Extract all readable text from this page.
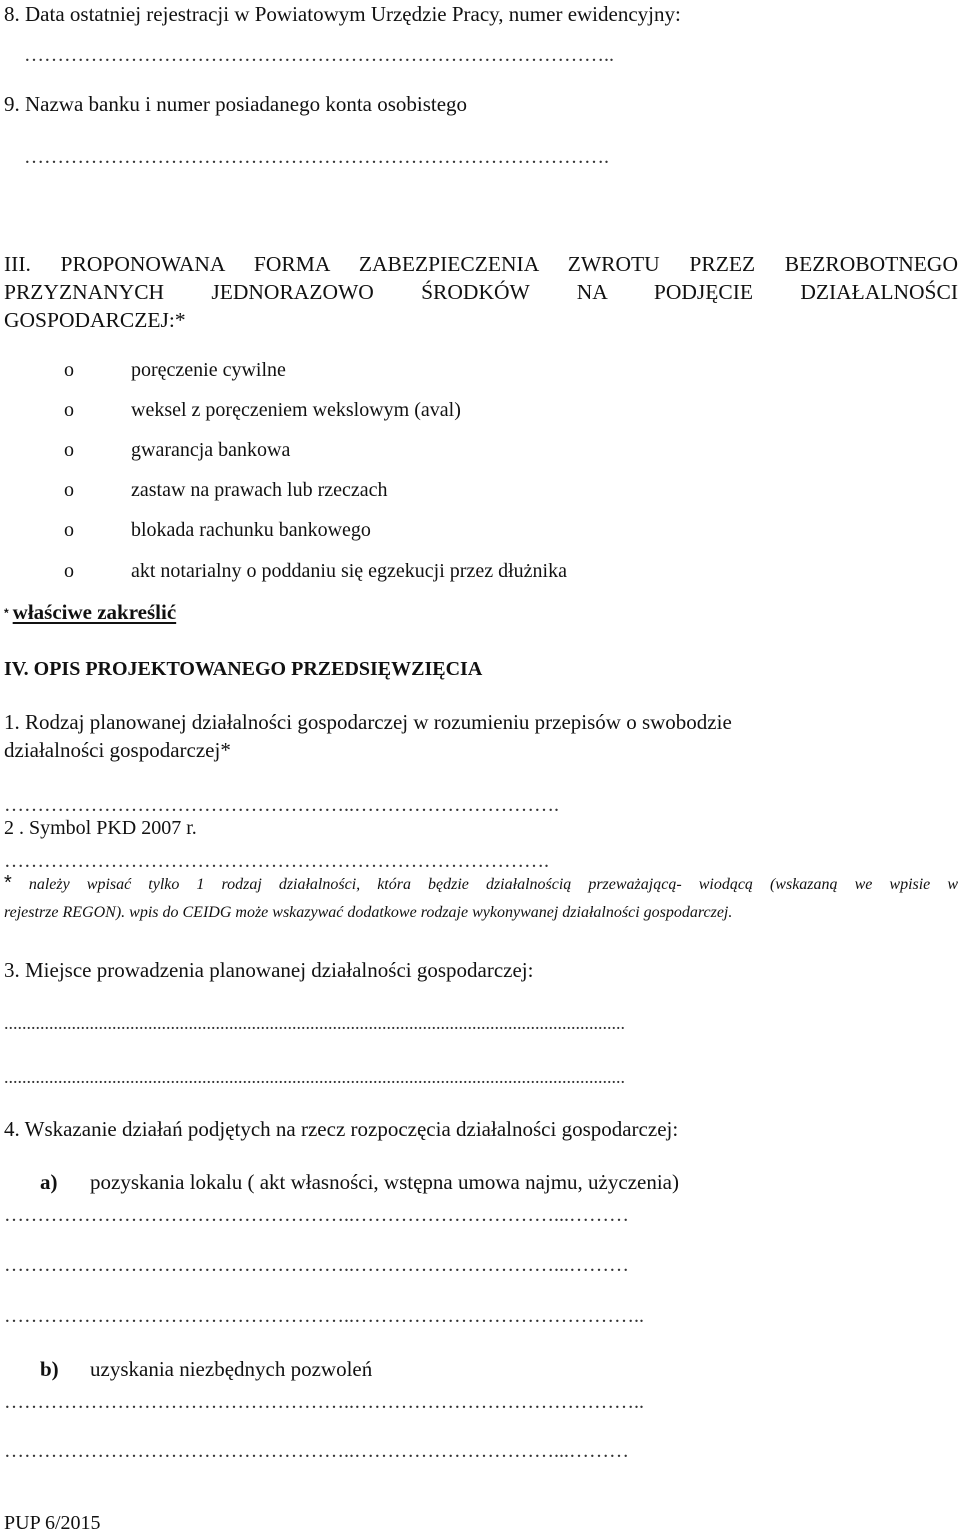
8. Data ostatniej rejestracji w Powiatowym Urzędzie Pracy, numer ewidencyjny:
……………………………………………………………………………..
9. Nazwa banku i numer posiadanego konta osobistego
…………………………………………………………………………….
III. PROPONOWANA FORMA ZABEZPIECZENIA ZWROTU PRZEZ BEZROBOTNEGO
PRZYZNANYCH JEDNORAZOWO ŚRODKÓW NA PODJĘCIE DZIAŁALNOŚCI
GOSPODARCZEJ:*
o	poręczenie cywilne
o	weksel z poręczeniem wekslowym (aval)
o	gwarancja bankowa
o	zastaw na prawach lub rzeczach
o	blokada rachunku bankowego
o	akt notarialny o poddaniu się egzekucji przez dłużnika
* właściwe zakreślić
IV. OPIS PROJEKTOWANEGO PRZEDSIĘWZIĘCIA
1. Rodzaj planowanej działalności gospodarczej w rozumieniu przepisów o swobodzie
działalności gospodarczej*
……………………………………………..………………………….
2 . Symbol PKD 2007 r.
……………………………………………………………………….
* należy wpisać tylko 1 rodzaj działalności, która będzie działalnością przeważającą- wiodącą (wskazaną we wpisie w
rejestrze REGON). wpis do CEIDG może wskazywać dodatkowe rodzaje wykonywanej działalności gospodarczej.
3. Miejsce prowadzenia planowanej działalności gospodarczej:
..........................................................................................................................................
..........................................................................................................................................
4. Wskazanie działań podjętych na rzecz rozpoczęcia działalności gospodarczej:
a) pozyskania lokalu ( akt własności, wstępna umowa najmu, użyczenia)
……………………………………………..…………………………...………
……………………………………………..…………………………...………
……………………………………………..……………………………………..
b) uzyskania niezbędnych pozwoleń
……………………………………………..……………………………………..
……………………………………………..…………………………...………
PUP 6/2015
